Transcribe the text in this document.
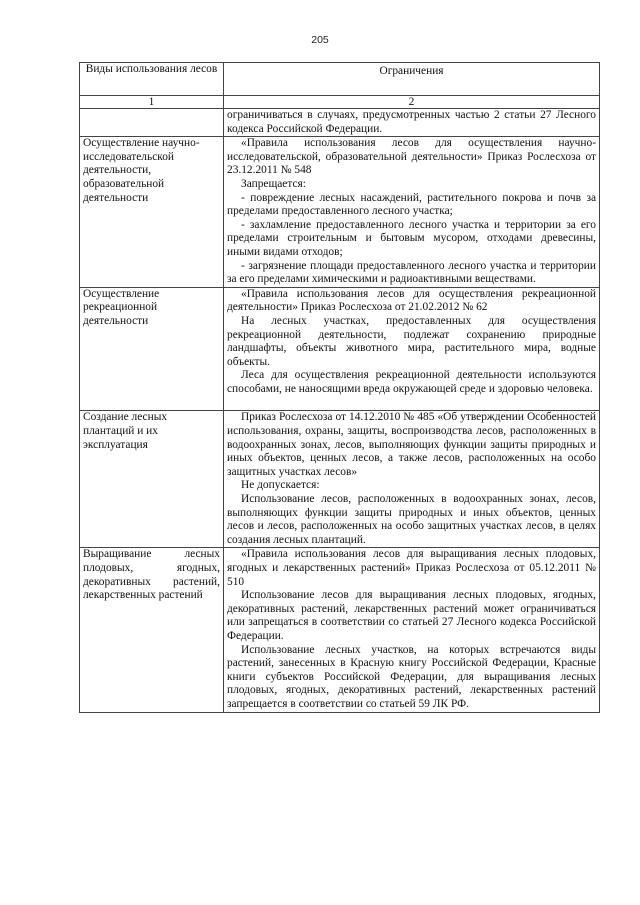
205
Виды использования лесов	Ограничения
1	2

	ограничиваться в случаях, предусмотренных частью 2 статьи 27 Лесного кодекса Российской Федерации.

Осуществление научно-исследовательской деятельности, образовательной деятельности	«Правила использования лесов для осуществления научно-исследовательской, образовательной деятельности» Приказ Рослесхоза от 23.12.2011 № 548

Запрещается:

- повреждение лесных насаждений, растительного покрова и почв за пределами предоставленного лесного участка;

- захламление предоставленного лесного участка и территории за его пределами строительным и бытовым мусором, отходами древесины, иными видами отходов;

- загрязнение площади предоставленного лесного участка и территории за его пределами химическими и радиоактивными веществами.

Осуществление рекреационной деятельности	«Правила использования лесов для осуществления рекреационной деятельности» Приказ Рослесхоза от 21.02.2012 № 62

На лесных участках, предоставленных для осуществления рекреационной деятельности, подлежат сохранению природные ландшафты, объекты животного мира, растительного мира, водные объекты.

Леса для осуществления рекреационной деятельности используются способами, не наносящими вреда окружающей среде и здоровью человека.

Создание лесных плантаций и их эксплуатация	Приказ Рослесхоза от 14.12.2010 № 485 «Об утверждении Особенностей использования, охраны, защиты, воспроизводства лесов, расположенных в водоохранных зонах, лесов, выполняющих функции защиты природных и иных объектов, ценных лесов, а также лесов, расположенных на особо защитных участках лесов»

Не допускается:

Использование лесов, расположенных в водоохранных зонах, лесов, выполняющих функции защиты природных и иных объектов, ценных лесов и лесов, расположенных на особо защитных участках лесов, в целях создания лесных плантаций.

Выращивание лесных плодовых, ягодных, декоративных растений, лекарственных растений	«Правила использования лесов для выращивания лесных плодовых, ягодных и лекарственных растений» Приказ Рослесхоза от 05.12.2011 № 510

Использование лесов для выращивания лесных плодовых, ягодных, декоративных растений, лекарственных растений может ограничиваться или запрещаться в соответствии со статьей 27 Лесного кодекса Российской Федерации.

Использование лесных участков, на которых встречаются виды растений, занесенных в Красную книгу Российской Федерации, Красные книги субъектов Российской Федерации, для выращивания лесных плодовых, ягодных, декоративных растений, лекарственных растений запрещается в соответствии со статьей 59 ЛК РФ.
